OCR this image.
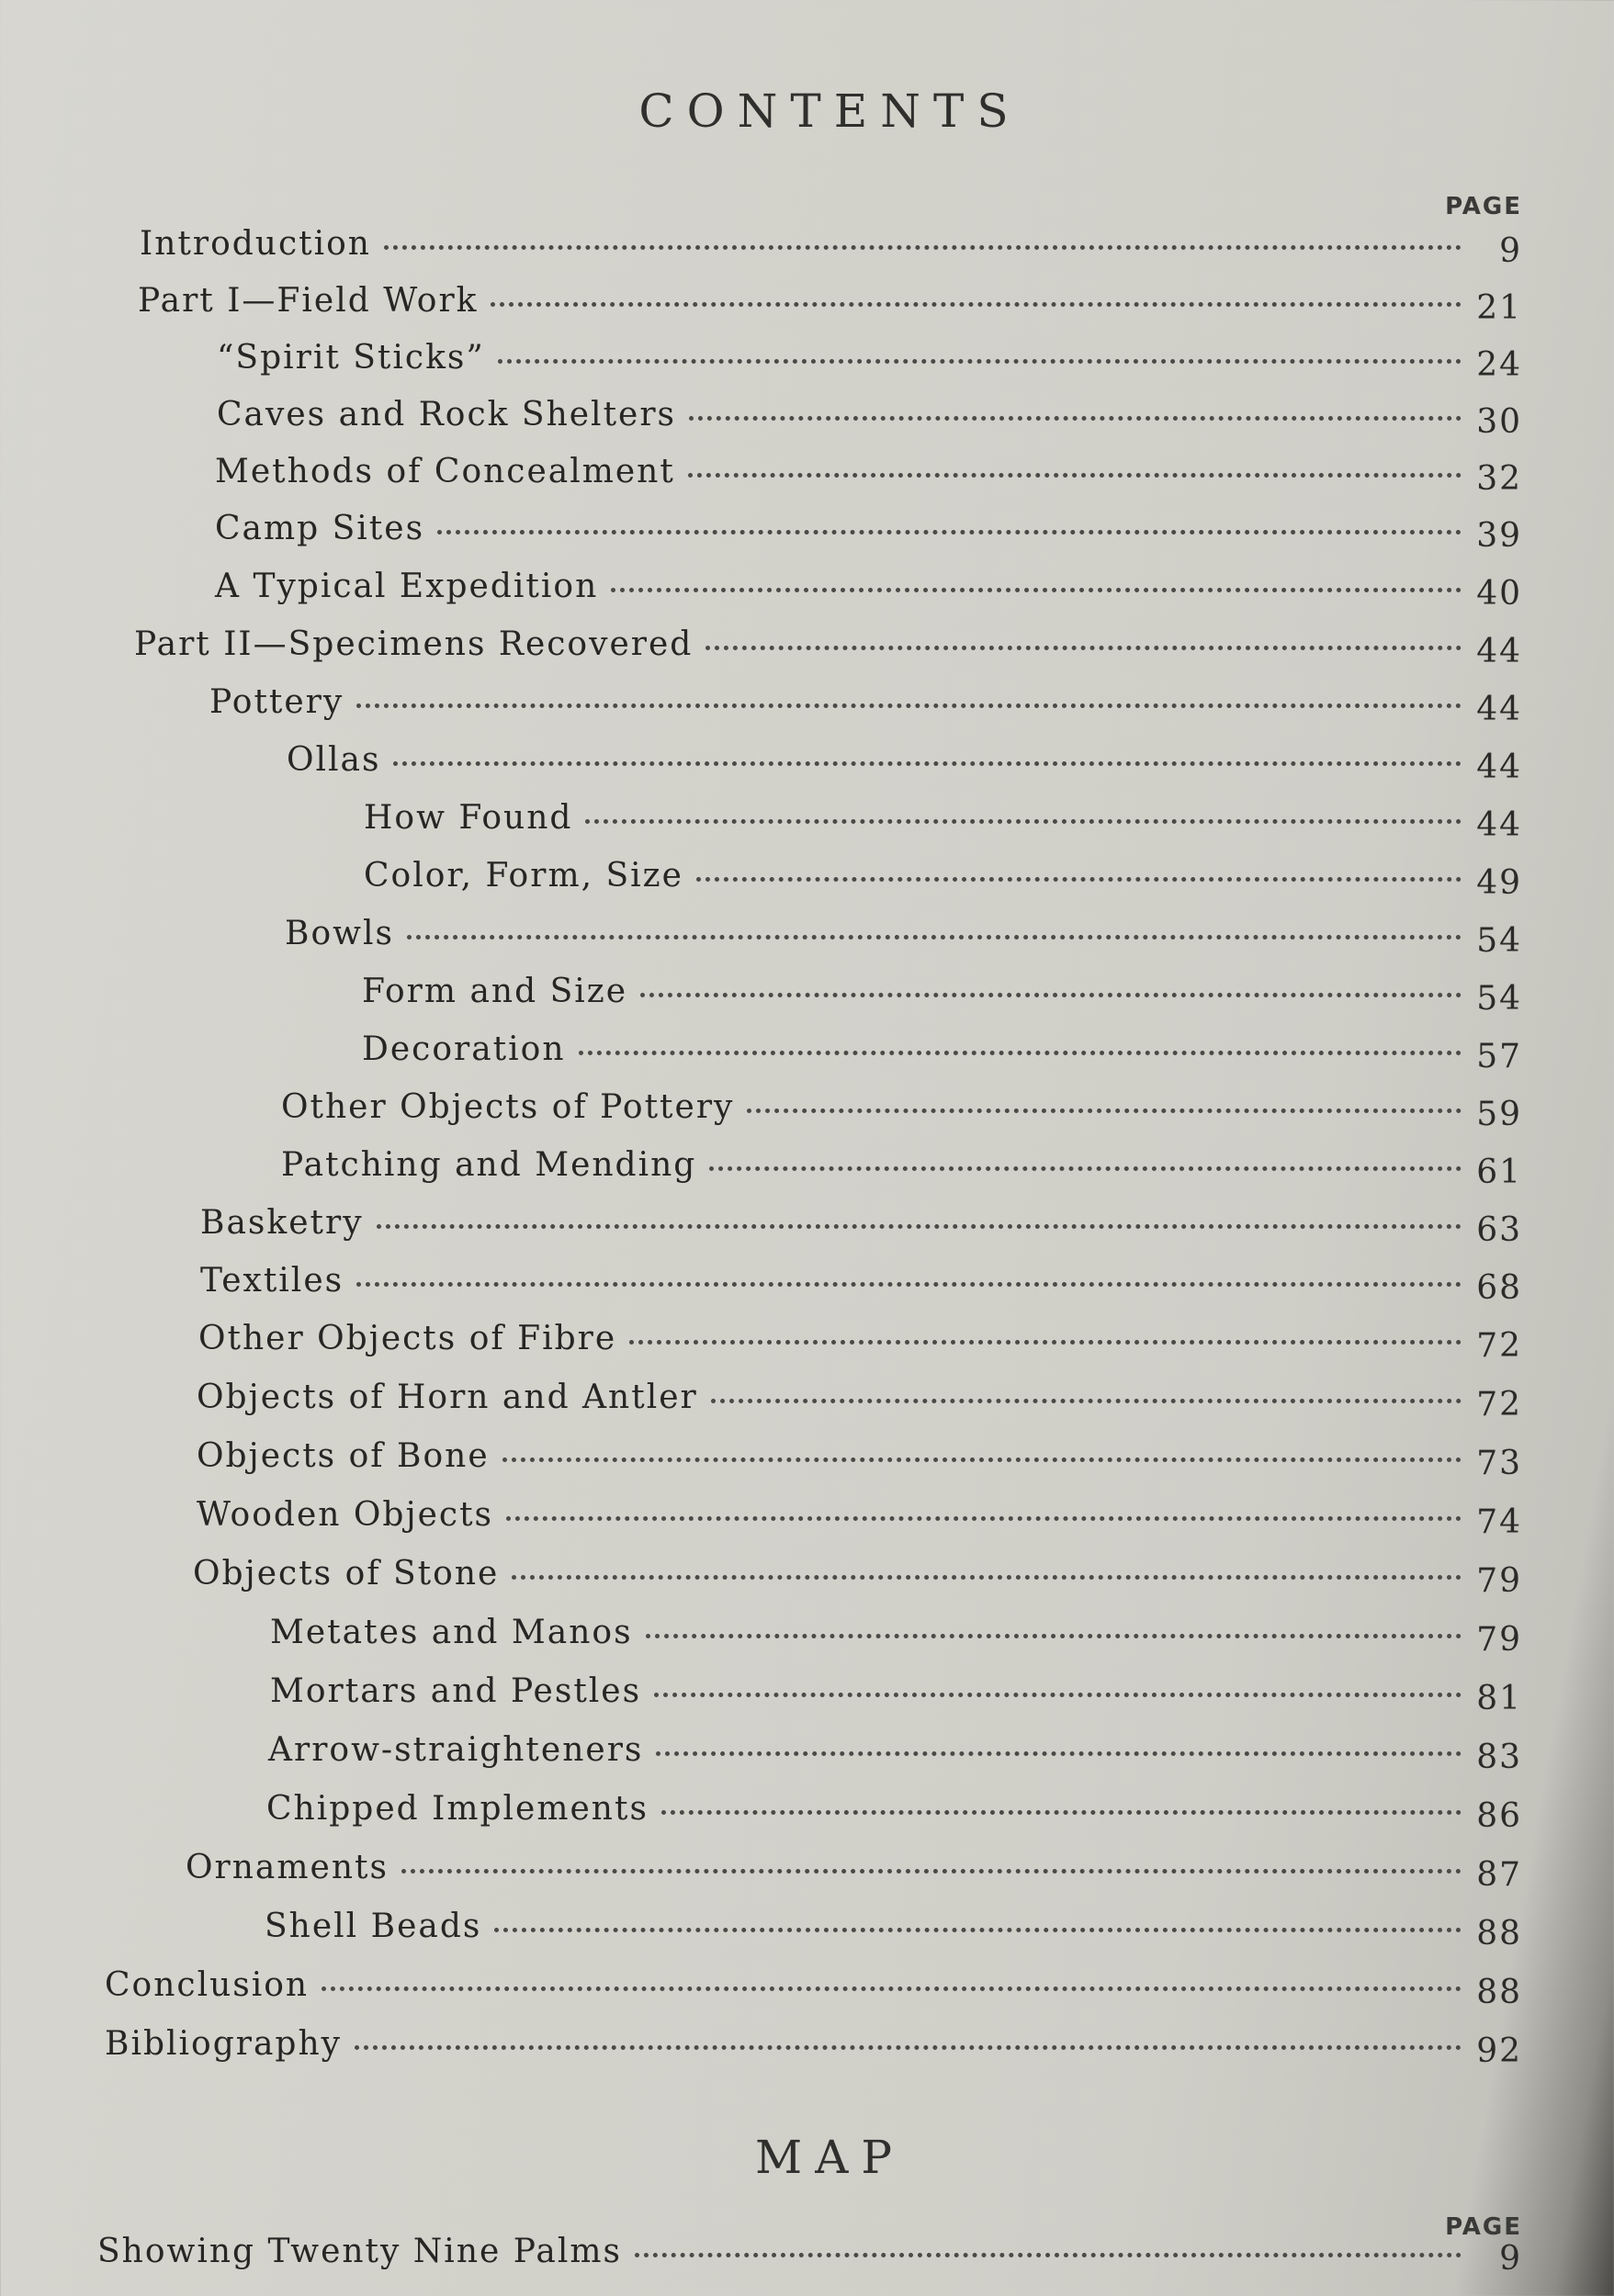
CONTENTS
PAGE
Introduction	9
Part I—Field Work	21
“Spirit Sticks”	24
Caves and Rock Shelters	30
Methods of Concealment	32
Camp Sites	39
A Typical Expedition	40
Part II—Specimens Recovered	44
Pottery	44
Ollas	44
How Found	44
Color, Form, Size	49
Bowls	54
Form and Size	54
Decoration	57
Other Objects of Pottery	59
Patching and Mending	61
Basketry	63
Textiles	68
Other Objects of Fibre	72
Objects of Horn and Antler	72
Objects of Bone	73
Wooden Objects	74
Objects of Stone	79
Metates and Manos	79
Mortars and Pestles	81
Arrow-straighteners	83
Chipped Implements	86
Ornaments	87
Shell Beads	88
Conclusion	88
Bibliography	92
MAP
PAGE
Showing Twenty Nine Palms	9
